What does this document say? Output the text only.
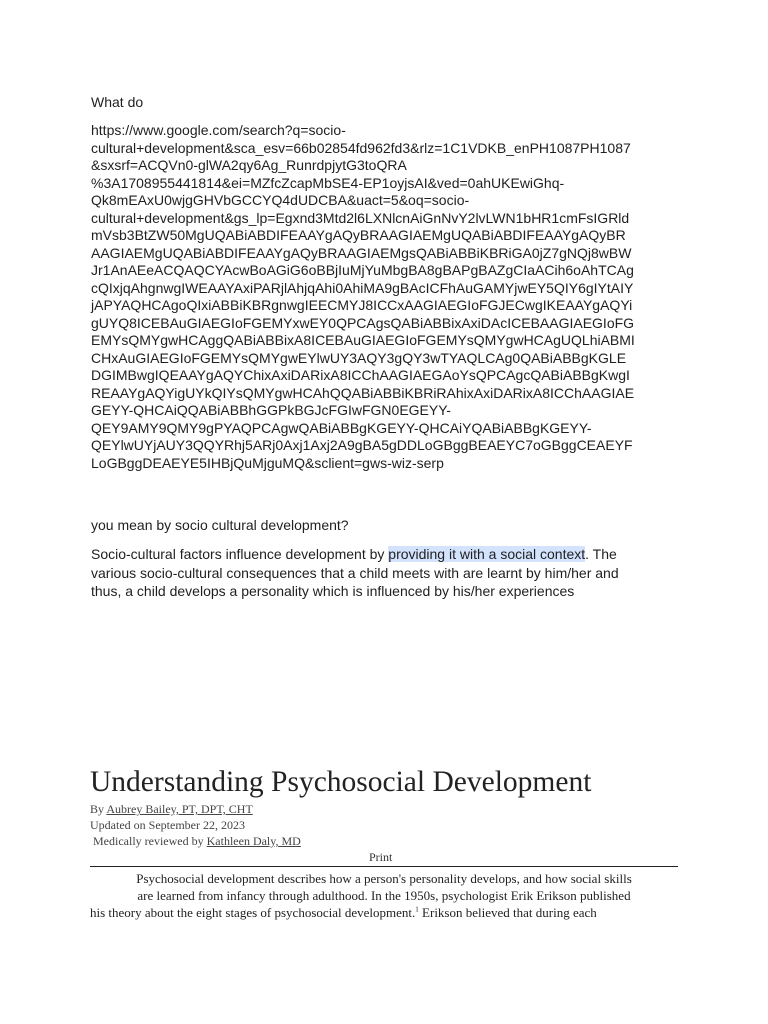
What do
https://www.google.com/search?q=socio-
cultural+development&sca_esv=66b02854fd962fd3&rlz=1C1VDKB_enPH1087PH1087
&sxsrf=ACQVn0-glWA2qy6Ag_RunrdpjytG3toQRA
%3A1708955441814&ei=MZfcZcapMbSE4-EP1oyjsAI&ved=0ahUKEwiGhq-
Qk8mEAxU0wjgGHVbGCCYQ4dUDCBA&uact=5&oq=socio-
cultural+development&gs_lp=Egxnd3Mtd2l6LXNlcnAiGnNvY2lvLWN1bHR1cmFsIGRld
mVsb3BtZW50MgUQABiABDIFEAAYgAQyBRAAGIAEMgUQABiABDIFEAAYgAQyBR
AAGIAEMgUQABiABDIFEAAYgAQyBRAAGIAEMgsQABiABBiKBRiGA0jZ7gNQj8wBW
Jr1AnAEeACQAQCYAcwBoAGiG6oBBjIuMjYuMbgBA8gBAPgBAZgCIaACih6oAhTCAg
cQIxjqAhgnwgIWEAAYAxiPARjlAhjqAhi0AhiMA9gBAcICFhAuGAMYjwEY5QIY6gIYtAIY
jAPYAQHCAgoQIxiABBiKBRgnwgIEECMYJ8ICCxAAGIAEGIoFGJECwgIKEAAYgAQYi
gUYQ8ICEBAuGIAEGIoFGEMYxwEY0QPCAgsQABiABBixAxiDAcICEBAAGIAEGIoFG
EMYsQMYgwHCAggQABiABBixA8ICEBAuGIAEGIoFGEMYsQMYgwHCAgUQLhiABMI
CHxAuGIAEGIoFGEMYsQMYgwEYlwUY3AQY3gQY3wTYAQLCAg0QABiABBgKGLE
DGIMBwgIQEAAYgAQYChixAxiDARixA8ICChAAGIAEGAoYsQPCAgcQABiABBgKwgI
REAAYgAQYigUYkQIYsQMYgwHCAhQQABiABBiKBRiRAhixAxiDARixA8ICChAAGIAE
GEYY-QHCAiQQABiABBhGGPkBGJcFGIwFGN0EGEYY-
QEY9AMY9QMY9gPYAQPCAgwQABiABBgKGEYY-QHCAiYQABiABBgKGEYY-
QEYlwUYjAUY3QQYRhj5ARj0Axj1Axj2A9gBA5gDDLoGBggBEAEYC7oGBggCEAEYF
LoGBggDEAEYE5IHBjQuMjguMQ&sclient=gws-wiz-serp
you mean by socio cultural development?
Socio-cultural factors influence development by providing it with a social context. The
various socio-cultural consequences that a child meets with are learnt by him/her and
thus, a child develops a personality which is influenced by his/her experiences
Understanding Psychosocial Development
By Aubrey Bailey, PT, DPT, CHT
Updated on September 22, 2023
Medically reviewed by Kathleen Daly, MD
Print
Psychosocial development describes how a person's personality develops, and how social skills
are learned from infancy through adulthood. In the 1950s, psychologist Erik Erikson published
his theory about the eight stages of psychosocial development.$^1$ Erikson believed that during each
